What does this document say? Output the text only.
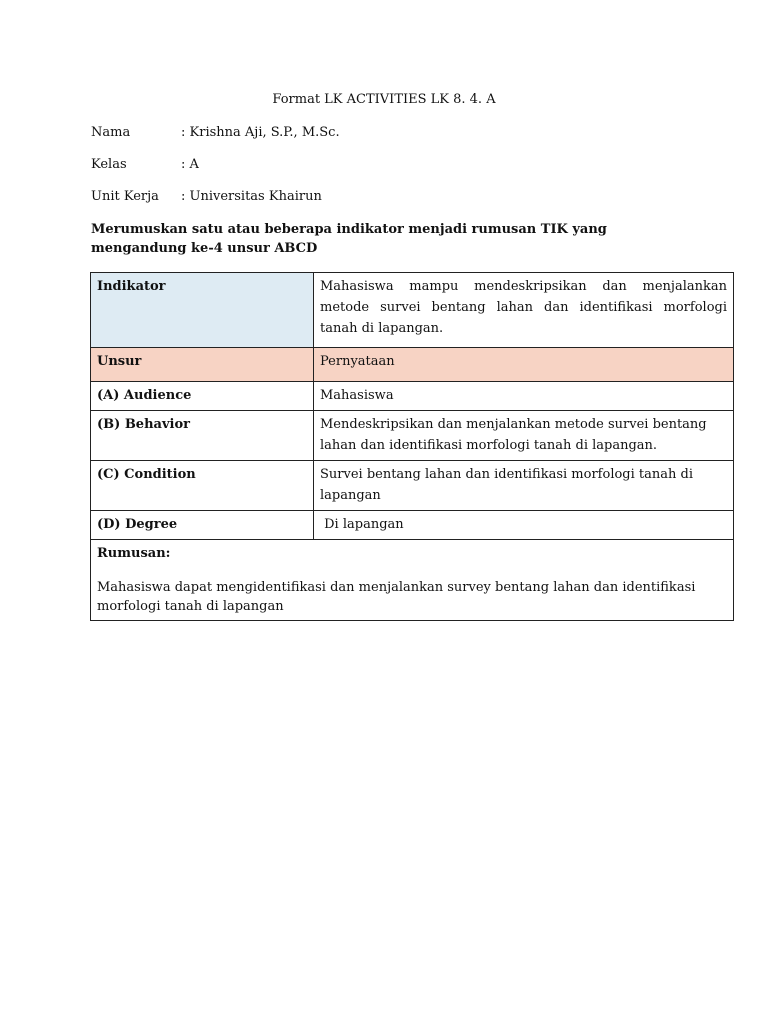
Format LK ACTIVITIES LK 8. 4. A
Nama	: Krishna Aji, S.P., M.Sc.
Kelas	: A
Unit Kerja : Universitas Khairun
Merumuskan satu atau beberapa indikator menjadi rumusan TIK yang mengandung ke-4 unsur ABCD
Indikator	Mahasiswa mampu mendeskripsikan dan menjalankan metode survei bentang lahan dan identifikasi morfologi tanah di lapangan.
Unsur	Pernyataan
(A) Audience	Mahasiswa
(B) Behavior	Mendeskripsikan dan menjalankan metode survei bentang lahan dan identifikasi morfologi tanah di lapangan.
(C) Condition	Survei bentang lahan dan identifikasi morfologi tanah di lapangan
(D) Degree	Di lapangan

Rumusan:
Mahasiswa dapat mengidentifikasi dan menjalankan survey bentang lahan dan identifikasi morfologi tanah di lapangan	
